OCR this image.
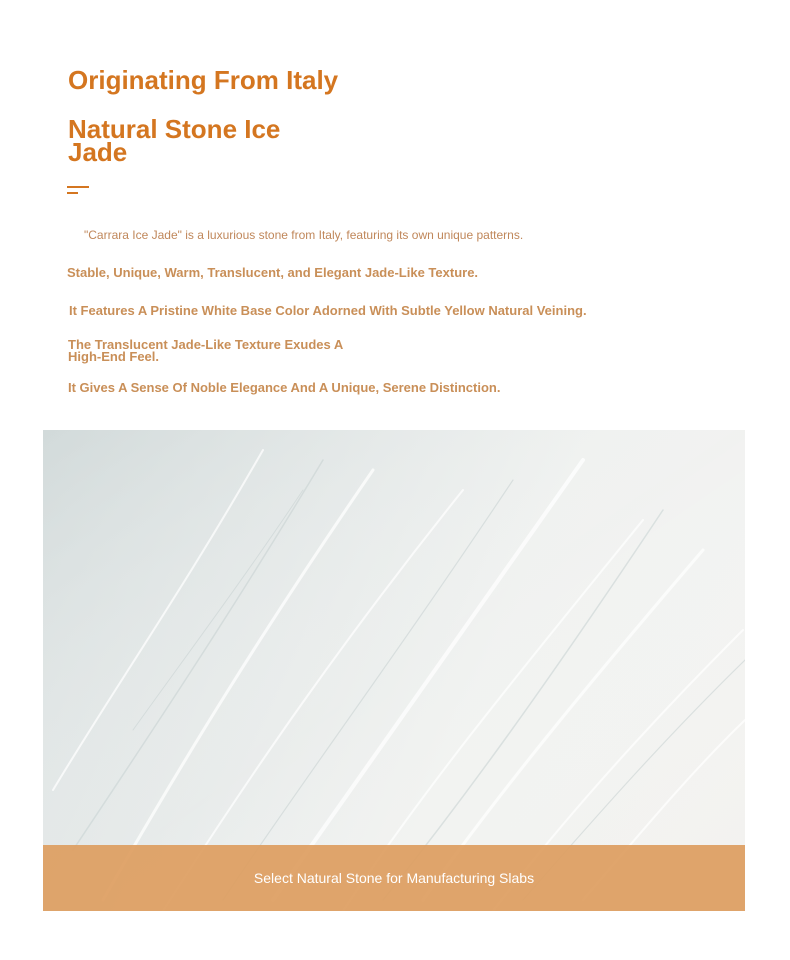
Originating From Italy
Natural Stone Ice Jade

"Carrara Ice Jade" is a luxurious stone from Italy, featuring its own unique patterns.

Stable, Unique, Warm, Translucent, and Elegant Jade-Like Texture.

It Features A Pristine White Base Color Adorned With Subtle Yellow Natural Veining.

The Translucent Jade-Like Texture Exudes A High-End Feel.

It Gives A Sense Of Noble Elegance And A Unique, Serene Distinction.

Select Natural Stone for Manufacturing Slabs
